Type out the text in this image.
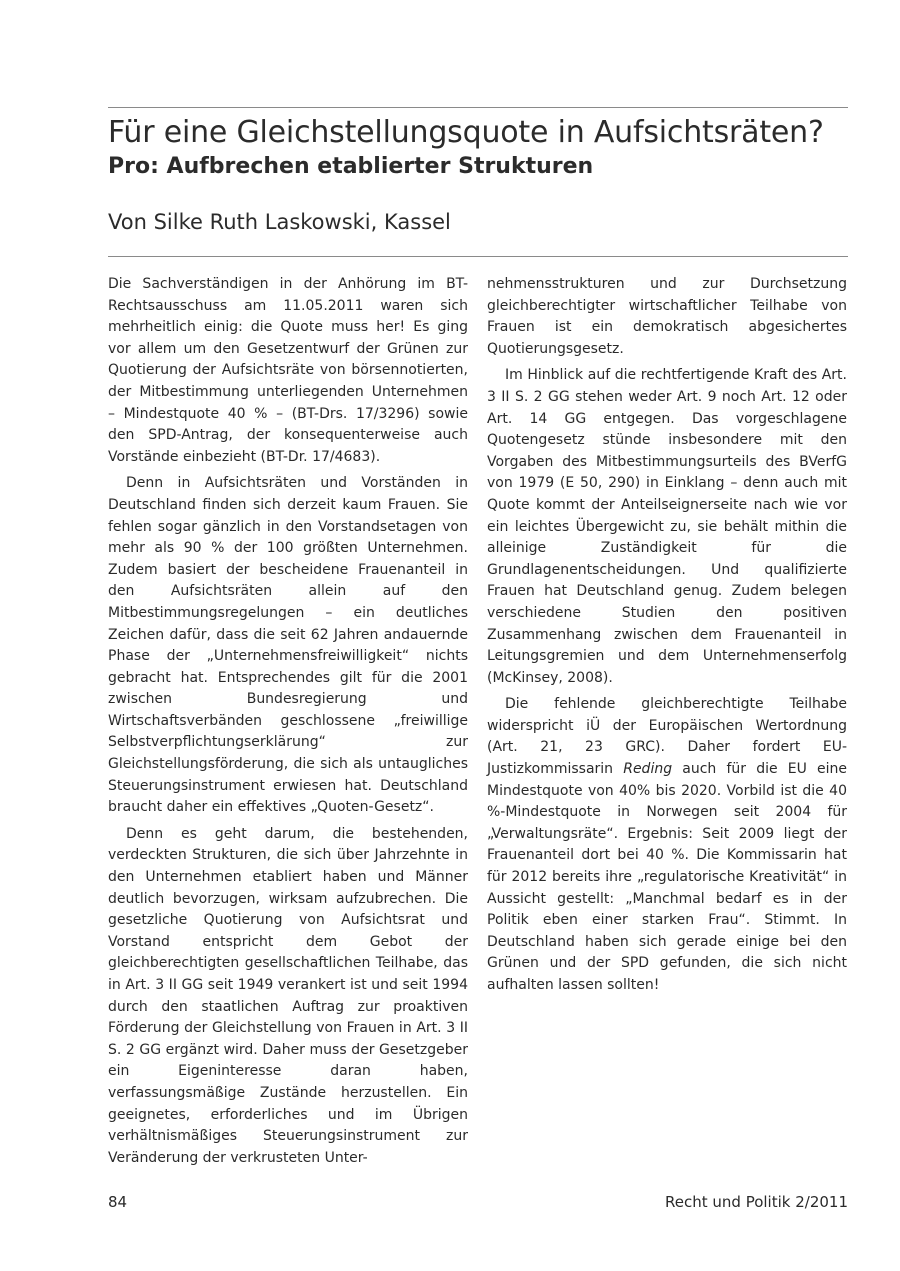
Für eine Gleichstellungsquote in Aufsichtsräten?
Pro: Aufbrechen etablierter Strukturen
Von Silke Ruth Laskowski, Kassel

Die Sachverständigen in der Anhörung im BT-Rechtsausschuss am 11.05.2011 waren sich mehrheitlich einig: die Quote muss her! Es ging vor allem um den Gesetzentwurf der Grünen zur Quotierung der Aufsichtsräte von börsennotierten, der Mitbestimmung unterliegenden Unternehmen – Mindestquote 40 % – (BT-Drs. 17/3296) sowie den SPD-Antrag, der konsequenterweise auch Vorstände einbezieht (BT-Dr. 17/4683).

Denn in Aufsichtsräten und Vorständen in Deutschland finden sich derzeit kaum Frauen. Sie fehlen sogar gänzlich in den Vorstandsetagen von mehr als 90 % der 100 größten Unternehmen. Zudem basiert der bescheidene Frauenanteil in den Aufsichtsräten allein auf den Mitbestimmungsregelungen – ein deutliches Zeichen dafür, dass die seit 62 Jahren andauernde Phase der „Unternehmensfreiwilligkeit“ nichts gebracht hat. Entsprechendes gilt für die 2001 zwischen Bundesregierung und Wirtschaftsverbänden geschlossene „freiwillige Selbstverpflichtungserklärung“ zur Gleichstellungsförderung, die sich als untaugliches Steuerungsinstrument erwiesen hat. Deutschland braucht daher ein effektives „Quoten-Gesetz“.

Denn es geht darum, die bestehenden, verdeckten Strukturen, die sich über Jahrzehnte in den Unternehmen etabliert haben und Männer deutlich bevorzugen, wirksam aufzubrechen. Die gesetzliche Quotierung von Aufsichtsrat und Vorstand entspricht dem Gebot der gleichberechtigten gesellschaftlichen Teilhabe, das in Art. 3 II GG seit 1949 verankert ist und seit 1994 durch den staatlichen Auftrag zur proaktiven Förderung der Gleichstellung von Frauen in Art. 3 II S. 2 GG ergänzt wird. Daher muss der Gesetzgeber ein Eigeninteresse daran haben, verfassungsmäßige Zustände herzustellen. Ein geeignetes, erforderliches und im Übrigen verhältnismäßiges Steuerungsinstrument zur Veränderung der verkrusteten Unter-

nehmensstrukturen und zur Durchsetzung gleichberechtigter wirtschaftlicher Teilhabe von Frauen ist ein demokratisch abgesichertes Quotierungsgesetz.

Im Hinblick auf die rechtfertigende Kraft des Art. 3 II S. 2 GG stehen weder Art. 9 noch Art. 12 oder Art. 14 GG entgegen. Das vorgeschlagene Quotengesetz stünde insbesondere mit den Vorgaben des Mitbestimmungsurteils des BVerfG von 1979 (E 50, 290) in Einklang – denn auch mit Quote kommt der Anteilseignerseite nach wie vor ein leichtes Übergewicht zu, sie behält mithin die alleinige Zuständigkeit für die Grundlagenentscheidungen. Und qualifizierte Frauen hat Deutschland genug. Zudem belegen verschiedene Studien den positiven Zusammenhang zwischen dem Frauenanteil in Leitungsgremien und dem Unternehmenserfolg (McKinsey, 2008).

Die fehlende gleichberechtigte Teilhabe widerspricht iÜ der Europäischen Wertordnung (Art. 21, 23 GRC). Daher fordert EU-Justizkommissarin Reding auch für die EU eine Mindestquote von 40% bis 2020. Vorbild ist die 40 %-Mindestquote in Norwegen seit 2004 für „Verwaltungsräte“. Ergebnis: Seit 2009 liegt der Frauenanteil dort bei 40 %. Die Kommissarin hat für 2012 bereits ihre „regulatorische Kreativität“ in Aussicht gestellt: „Manchmal bedarf es in der Politik eben einer starken Frau“. Stimmt. In Deutschland haben sich gerade einige bei den Grünen und der SPD gefunden, die sich nicht aufhalten lassen sollten!

84	Recht und Politik 2/2011
